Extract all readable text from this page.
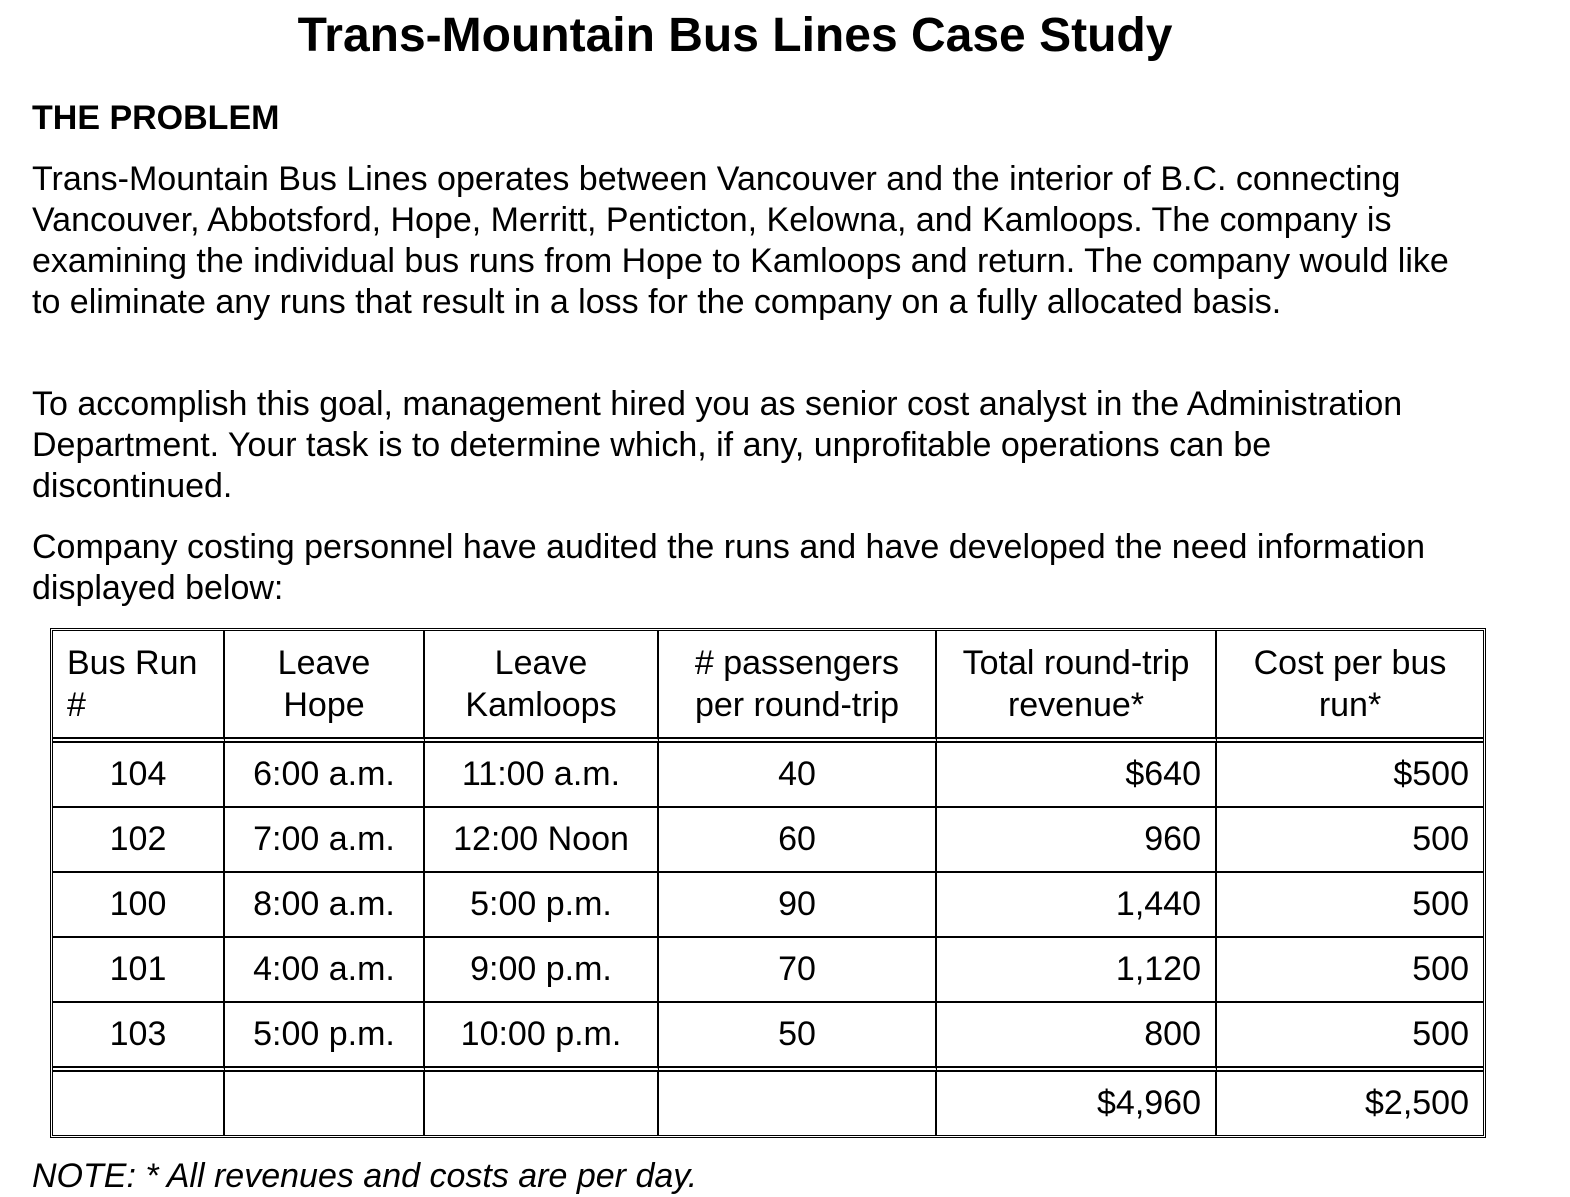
Trans-Mountain Bus Lines Case Study
THE PROBLEM

Trans-Mountain Bus Lines operates between Vancouver and the interior of B.C. connecting Vancouver, Abbotsford, Hope, Merritt, Penticton, Kelowna, and Kamloops. The company is examining the individual bus runs from Hope to Kamloops and return. The company would like to eliminate any runs that result in a loss for the company on a fully allocated basis.

To accomplish this goal, management hired you as senior cost analyst in the Administration Department. Your task is to determine which, if any, unprofitable operations can be discontinued.

Company costing personnel have audited the runs and have developed the need information displayed below:

Bus Run #	Leave Hope	Leave Kamloops	# passengers per round-trip	Total round-trip revenue*	Cost per bus run*
104	6:00 a.m.	11:00 a.m.	40	$640	$500
102	7:00 a.m.	12:00 Noon	60	960	500
100	8:00 a.m.	5:00 p.m.	90	1,440	500
101	4:00 a.m.	9:00 p.m.	70	1,120	500
103	5:00 p.m.	10:00 p.m.	50	800	500
				$4,960	$2,500

NOTE: * All revenues and costs are per day.
